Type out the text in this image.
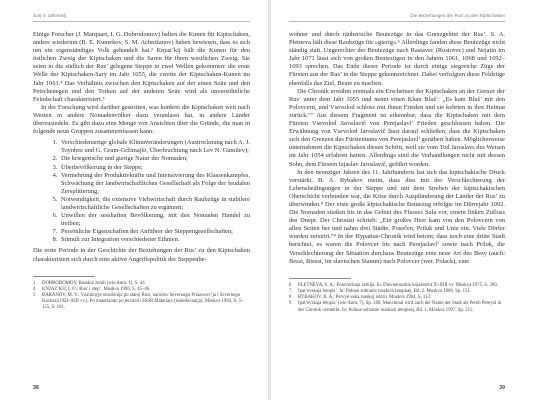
Jurij V. Zelenskij

Einige Forscher (J. Marquart, I. G. Dobrodomov) halten die Kunen für Kiptschaken, andere wiederum (B. E. Kumekov, S. M. Achnižanov) haben bewiesen, dass es sich um ein eigenständiges Volk gehandelt hat.³ Knjaz’kij hält die Kunen für den östlichen Zweig der Kiptschaken und die Saren für ihren westlichen Zweig. Sie seien in die südlich der Rus’ gelegene Steppe in zwei Wellen gekommen: die erste Welle der Kiptschaken-Sary im Jahr 1055, die zweite der Kiptschaken-Kunen im Jahr 1061.⁴ Das Verhältnis zwischen den Kiptschaken auf der einen Seite und den Petschenegen und den Torken auf der anderen Seite wird als unversöhnliche Feindschaft charakterisiert.⁵

In der Forschung wird darüber gestritten, was konkret die Kiptschaken weit nach Westen in andere Nomadenvölker dazu veranlasst hat, in andere Länder überzusiedeln. Es gibt dazu eine Menge von Ansichten über die Gründe, die man in folgende neun Gruppen zusammenfassen kann:

1. Verschiedenartige globale Klimaveränderungen (Austrocknung nach A. J. Toynbee und G. Grum-Gržimajlo, Überfeuchtung nach Lev N. Gumilev);
2. Die kriegerische und gierige Natur der Nomaden;
3. Überbevölkerung in der Steppe;
4. Vermehrung der Produktivkräfte und Intensivierung des Klassenkampfes, Schwächung der landwirtschaftlichen Gesellschaft als Folge der feudalen Zersplitterung;
5. Notwendigkeit, die extensive Viehwirtschaft durch Raubzüge in stabilere landwirtschaftliche Gesellschaften zu ergänzen;
6. Unwillen der sesshaften Bevölkerung, mit den Nomaden Handel zu treiben;
7. Persönliche Eigenschaften der Anführer der Steppengesellschaften;
8. Stimuli zur Integration verschiedener Ethnien.

Die erste Periode in der Geschichte der Beziehungen der Rus’ zu den Kiptschaken charakterisiert sich durch eine aktive Angriffspolitik der Steppenbe-

3	DOBRODOMOV, Russkie zemli (wie Anm. 1), S. 44.
4	KNJAZ’KIJ, I. O.: Rus’ i step’. Moskva 1996, S. 45–46.
5	BARANOV, M. V.: Vzaimnyje otnošenija po staroj Rusi, narodov Severnogo Priazovov’ja i Severnogo Kavkaza (XII–XIII vv.). Po materialam po territorii SSSR.Materialy (issledovanija). Moskva 1982, S. 5–155, S. 101.
38
Die Beziehungen der Rus’ zu den Kiptschaken

wohner und durch räuberische Beutezüge in das Grenzgebiet der Rus’. S. A. Pletneva hält diese Raubzüge für »gierig«.⁶ Allerdings fanden diese Beutezüge nicht ständig statt. Ungerechter der Beutezüge nach Rastavec (Rostovec) und Nejatin im Jahr 1071 lässt sich von großen Beutezügen in den Jahren 1061, 1068 und 1092–1093 sprechen. Das Ende dieser Periode ist durch einige siegreiche Züge der Fürsten aus der Rus’ in die Steppe gekennzeichnet. Dabei verfolgten diese Feldzüge ebenfalls das Ziel, Beute zu machen.

Die Chronik erwähnt erstmals ein Erscheinen der Kiptschaken an der Grenze der Rus’ unter dem Jahr 1055 und nennt einen Khan Bluš’: „Es kam Bluš’ mit den Polovcern, und Vsevolod schloss mit ihnen Frieden und sie kehrten in ihre Heimat zurück.“⁷ Aus diesem Fragment ist erkennbar, dass die Kiptschaken mit dem Fürsten Vsevolod Jaroslavič von Perejaslavl’ Frieden geschlossen haben. Die Erwähnung von Vsevolod Jaroslavič lässt darauf schließen, dass die Kiptschaken sich den Grenzen des Fürstentums von Perejaslavl’ genähert haben. Möglicherweise unternahmen die Kiptschaken diesen Schritt, weil sie vom Tod Jaroslavs des Weisen im Jahr 1054 erfahren hatten. Allerdings sind die Verhandlungen nicht mit dessen Sohn, dem Fürsten Izjaslav Jaroslavič, geführt worden.

In den neunziger Jahren des 11. Jahrhunderts hat sich das kiptschakische Druck verstärkt. B. A. Rybakov meint, dass dies mit der Verschlechterung der Lebensbedingungen in der Steppe und mit dem Streben der kiptschakischen Oberschicht verbunden war, die Krise durch Ausplünderung der Länder der Rus’ zu überwinden.⁸ Der erste große kiptschakische Beutezug erfolgte im Dürrejahr 1092. Die Nomaden stießen bis in das Gebiet des Flusses Sula vor, einem linken Zufluss des Dnepr. Der Chronist schrieb: „Ein großes Heer kam von den Polovcern von allen Seiten her und nahm drei Städte, Posečen, Priluk und Unie ein. Viele Dörfer wurden zerstört.“⁹ In der Hypatius-Chronik wird betont, dass noch eine dritte Stadt berichtet, es waren die Polovcer bis nach Perejaslavl’ sowie nach Priluk, die Verschlechterung der Situation durchaus Beutezüge eine neue Art des Besy (auch: Bessi, Biessi, im slavischen Stamm) nach Polovcer (wer. Polack), eine

6	PLETNEVA, S. A.: Polovockaja zemlja. In: Drevnerusskie knjažestva X–XIII vv. Moskva 1975, S. 260.
7	Ipat’evskaja letopis’. In: Polnoe sobranie russkich letopisej, Bd. 2. Moskva 1908, Sp. 151.
8	RYBAKOV, B. A.: Pervye veka russkoj istorii. Moskva 1964, S. 113.
9	Ipat’evskaja letopis’ (wie Anm. 7), Sp. 208. Manchmal wird auch der Name der Stadt als Pereb Pereyol in der Chronik vermerkt. In: Polnoe sobranie russkich letopisej, Bd. 1. Moskva 1997, Sp. 215.
39
